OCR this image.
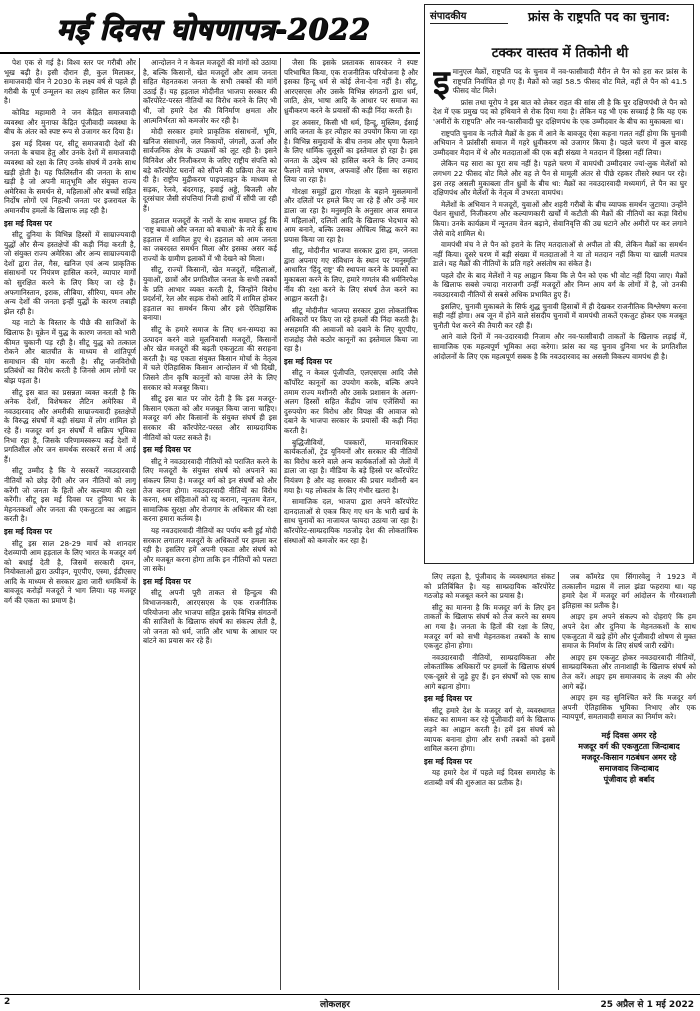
मई दिवस घोषणापत्र-2022

पेश एक से गई है। विश्व स्तर पर गरीबी और भूख बढ़ी है। इसी दौरान ही, कुल मिलाकर, समाजवादी चीन ने 2030 के लक्ष्य वर्ष से पहले ही गरीबी के पूर्ण उन्मूलन का लक्ष्य हासिल कर लिया है।

कोविड महामारी ने जन केंद्रित समाजवादी व्यवस्था और मुनाफा केंद्रित पूंजीवादी व्यवस्था के बीच के अंतर को स्पष्ट रूप से उजागर कर दिया है।

इस मई दिवस पर, सीटू समाजवादी देशों की जनता के बचाव हेतु और उनके देशों में समाजवादी व्यवस्था को रक्षा के लिए उनके संघर्ष में उनके साथ खड़ी होती है। यह फिलिस्तीन की जनता के साथ खड़ी है जो अपनी मातृभूमि और संयुक्त राज्य अमेरिका के समर्थन से, महिलाओं और बच्चों सहित निर्दोष लोगों एवं निहत्थी जनता पर इजरायल के अमानवीय हमलों के खिलाफ लड़ रही है।

इस मई दिवस पर

सीटू दुनिया के विभिन्न हिस्सों में साम्राज्यवादी युद्धों और सैन्य हस्तक्षेपों की कड़ी निंदा करती है, जो संयुक्त राज्य अमेरिका और अन्य साम्राज्यवादी देशों द्वारा तेल, गैस, खनिज एवं अन्य प्राकृतिक संसाधनों पर नियंत्रण हासिल करने, व्यापार मार्गों को सुरक्षित करने के लिए किए जा रहे हैं। अफगानिस्तान, इराक, लीबिया, सीरिया, यमन और अन्य देशों की जनता इन्हीं युद्धों के कारण तबाही झेल रही है।

यह नाटो के विस्तार के पीछे की साजिशों के खिलाफ है। यूक्रेन में युद्ध के कारण जनता को भारी कीमत चुकानी पड़ रही है। सीटू युद्ध को तत्काल रोकने और बातचीत के माध्यम से शांतिपूर्ण समाधान की मांग करती है। सीटू जनविरोधी प्रतिबंधों का विरोध करती है जिनसे आम लोगों पर बोझ पड़ता है।

सीटू इस बात का प्रसन्नता व्यक्त करती है कि अनेक देशों, विशेषकर लैटिन अमेरिका में नवउदारवाद और अमरीकी साम्राज्यवादी हस्तक्षेपों के विरुद्ध संघर्षों में बड़ी संख्या में लोग शामिल हो रहे हैं। मजदूर वर्ग इन संघर्षों में सक्रिय भूमिका निभा रहा है, जिसके परिणामस्वरूप कई देशों में प्रगतिशील और जन समर्थक सरकारें सत्ता में आई हैं।

सीटू उम्मीद है कि ये सरकारें नवउदारवादी नीतियों को छोड़ देंगी और जन नीतियों को लागू करेंगी जो जनता के हितों और कल्याण की रक्षा करेंगी। सीटू इस मई दिवस पर दुनिया भर के मेहनतकशों और जनता की एकजुटता का आह्वान करती है।

इस मई दिवस पर

सीटू इस साल 28-29 मार्च को शानदार देशव्यापी आम हड़ताल के लिए भारत के मजदूर वर्ग को बधाई देती है, जिसमें सरकारी दमन, नियोक्ताओं द्वारा उत्पीड़न, यूएपीए, एस्मा, ईडीएसए आदि के माध्यम से सरकार द्वारा जारी धमकियों के बावजूद करोड़ों मजदूरों ने भाग लिया। यह मजदूर वर्ग की एकता का प्रमाण है।

आन्दोलन ने न केवल मजदूरों की मांगों को उठाया है, बल्कि किसानों, खेत मजदूरों और आम जनता सहित मेहनतकश जनता के सभी तबकों की मांगें उठाई हैं। यह हड़ताल मोदीनीत भाजपा सरकार की कॉरपोरेट-परस्त नीतियों का विरोध करने के लिए भी थी, जो हमारे देश की विनिर्माण क्षमता और आत्मनिर्भरता को कमजोर कर रही है।

मोदी सरकार हमारे प्राकृतिक संसाधनों, भूमि, खनिज संसाधनों, जल निकायों, जंगलों, ऊर्जा और सार्वजनिक क्षेत्र के उपक्रमों को लूट रही है। इसने विनिवेश और निजीकरण के जरिए राष्ट्रीय संपत्ति को बड़े कॉरपोरेट घरानों को सौंपने की प्रक्रिया तेज कर दी है। राष्ट्रीय मुद्रीकरण पाइपलाइन के माध्यम से सड़क, रेलवे, बंदरगाह, हवाई अड्डे, बिजली और दूरसंचार जैसी संपत्तियां निजी हाथों में सौंपी जा रही हैं।

हड़ताल मजदूरों के नारों के साथ समाप्त हुई कि 'राष्ट्र बचाओ और जनता को बचाओ' के नारे के साथ हड़ताल में शामिल हुए थे। हड़ताल को आम जनता का जबरदस्त समर्थन मिला और इसका असर कई राज्यों के ग्रामीण इलाकों में भी देखने को मिला।

सीटू, राज्यों किसानों, खेत मजदूरों, महिलाओं, युवाओं, छात्रों और प्रगतिशील जनता के सभी तबकों के प्रति आभार व्यक्त करती है, जिन्होंने विरोध प्रदर्शनों, रेल और सड़क रोको आदि में शामिल होकर हड़ताल का समर्थन किया और इसे ऐतिहासिक बनाया।

सीटू के हमारे समाज के लिए धन-सम्पदा का उत्पादन करने वाले मूलनिवासी मजदूरों, किसानों और खेत मजदूरों की बढ़ती एकजुटता की सराहना करती है। यह एकता संयुक्त किसान मोर्चा के नेतृत्व में चले ऐतिहासिक किसान आन्दोलन में भी दिखी, जिसने तीन कृषि कानूनों को वापस लेने के लिए सरकार को मजबूर किया।

सीटू इस बात पर जोर देती है कि इस मजदूर-किसान एकता को और मजबूत किया जाना चाहिए। मजदूर वर्ग और किसानों के संयुक्त संघर्ष ही इस सरकार की कॉरपोरेट-परस्त और साम्प्रदायिक नीतियों को पलट सकते हैं।

इस मई दिवस पर

सीटू ने नवउदारवादी नीतियों को पराजित करने के लिए मजदूरों के संयुक्त संघर्ष को अपनाने का संकल्प लिया है। मजदूर वर्ग को इन संघर्षों को और तेज करना होगा। नवउदारवादी नीतियों का विरोध करना, श्रम संहिताओं को रद्द कराना, न्यूनतम वेतन, सामाजिक सुरक्षा और रोजगार के अधिकार की रक्षा करना हमारा कर्तव्य है।

यह नवउदारवादी नीतियों का पर्याय बनी हुई मोदी सरकार लगातार मजदूरों के अधिकारों पर हमला कर रही है। इसलिए हमें अपनी एकता और संघर्ष को और मजबूत करना होगा ताकि इन नीतियों को पलटा जा सके।

इस मई दिवस पर

सीटू अपनी पूरी ताकत से हिन्दुत्व की विभाजनकारी, आरएसएस के एक राजनीतिक परियोजना और भाजपा सहित इसके विभिन्न संगठनों की साजिशों के खिलाफ संघर्ष का संकल्प लेती है, जो जनता को धर्म, जाति और भाषा के आधार पर बांटने का प्रयास कर रहे हैं।

जैसा कि इसके प्रस्तावक सावरकर ने स्पष्ट परिभाषित किया, एक राजनीतिक परियोजना है और इसका हिन्दू धर्म से कोई लेना-देना नहीं है। सीटू, आरएसएस और उसके विभिन्न संगठनों द्वारा धर्म, जाति, क्षेत्र, भाषा आदि के आधार पर समाज का ध्रुवीकरण करने के प्रयासों की कड़ी निंदा करती है।

हर अवसर, किसी भी धर्म, हिन्दू, मुस्लिम, ईसाई आदि जनता के हर त्यौहार का उपयोग किया जा रहा है। विभिन्न समुदायों के बीच तनाव और घृणा फैलाने के लिए धार्मिक जुलूसों का इस्तेमाल हो रहा है। इस जनता के उद्देश्य को हासिल करने के लिए उन्माद फैलाने वाले भाषण, अफवाहें और हिंसा का सहारा लिया जा रहा है।

गोरक्षा समूहों द्वारा गोरक्षा के बहाने मुसलमानों और दलितों पर हमले किए जा रहे हैं और उन्हें मार डाला जा रहा है। मनुस्मृति के अनुसार आज समाज में महिलाओं, दलितों आदि के खिलाफ भेदभाव को आम बनाने, बल्कि उसका औचित्य सिद्ध करने का प्रयास किया जा रहा है।

सीटू, मोदीनीत भाजपा सरकार द्वारा हम, जनता द्वारा अपनाए गए संविधान के स्थान पर 'मनुस्मृति' आधारित 'हिंदू राष्ट्र' की स्थापना करने के प्रयासों का मुकाबला करने के लिए, हमारे गणतंत्र की धर्मनिरपेक्ष नींव की रक्षा करने के लिए संघर्ष तेज करने का आह्वान करती है।

सीटू मोदीनीत भाजपा सरकार द्वारा लोकतांत्रिक अधिकारों पर किए जा रहे हमलों की निंदा करती है। असहमति की आवाजों को दबाने के लिए यूएपीए, राजद्रोह जैसे कठोर कानूनों का इस्तेमाल किया जा रहा है।

इस मई दिवस पर

सीटू न केवल पूंजीपति, एलएसएस आदि जैसे कॉर्पोरेट कानूनों का उपयोग करके, बल्कि अपने तमाम राज्य मशीनरी और उसके प्रशासन के अलग-अलग हिस्सों सहित केंद्रीय जांच एजेंसियों का दुरुपयोग कर विरोध और विपक्ष की आवाज को दबाने के भाजपा सरकार के प्रयासों की कड़ी निंदा करती है।

बुद्धिजीवियों, पत्रकारों, मानवाधिकार कार्यकर्ताओं, ट्रेड यूनियनों और सरकार की नीतियों का विरोध करने वाले अन्य कार्यकर्ताओं को जेलों में डाला जा रहा है। मीडिया के बड़े हिस्से पर कॉरपोरेट नियंत्रण है और वह सरकार की प्रचार मशीनरी बन गया है। यह लोकतंत्र के लिए गंभीर खतरा है।

सामाजिक दल, भाजपा द्वारा अपने कॉरपोरेट दानदाताओं से एकत्र किए गए धन के भारी खर्च के साथ चुनावों का नाजायज फायदा उठाया जा रहा है। कॉरपोरेट-साम्प्रदायिक गठजोड़ देश की लोकतांत्रिक संस्थाओं को कमजोर कर रहा है।

संपादकीय	फ्रांस के राष्ट्रपति पद का चुनाव:
टक्कर वास्तव में तिकोनी थी

इमानुएल मैक्रों, राष्ट्रपति पद के चुनाव में नव-फासीवादी मैरीन ले पैन को हरा कर फ्रांस के राष्ट्रपति निर्वाचित हो गए हैं। मैक्रों को जहां 58.5 फीसद वोट मिले, वहीं ले पैन को 41.5 फीसद वोट मिले।

फ्रांस तथा यूरोप ने इस बात को लेकर राहत की सांस ली है कि घुर दक्षिणपंथी ले पैन को देश में एक प्रमुख पद को हथियाने से रोक दिया गया है। लेकिन यह भी एक सच्चाई है कि यह एक 'अमीरों के राष्ट्रपति' और नव-फासीवादी घुर दक्षिणपंथ के एक उम्मीदवार के बीच का मुकाबला था।

राष्ट्रपति चुनाव के नतीजे मैक्रों के हक में आने के बावजूद ऐसा कहना गलत नहीं होगा कि चुनावी अभियान ने फ्रांसीसी समाज में गहरे ध्रुवीकरण को उजागर किया है। पहले चरण में कुल बारह उम्मीदवार मैदान में थे और मतदाताओं की एक बड़ी संख्या ने मतदान में हिस्सा नहीं लिया।

लेकिन यह सारा का पूरा सच नहीं है। पहले चरण में वामपंथी उम्मीदवार ज्यां-लुक मेलेंशों को लगभग 22 फीसद वोट मिले और वह ले पैन से मामूली अंतर से पीछे रहकर तीसरे स्थान पर रहे। इस तरह असली मुकाबला तीन ध्रुवों के बीच था: मैक्रों का नवउदारवादी मध्यमार्ग, ले पैन का घुर दक्षिणपंथ और मेलेंशों के नेतृत्व में उभरता वामपंथ।

मेलेंशों के अभियान ने मजदूरों, युवाओं और शहरी गरीबों के बीच व्यापक समर्थन जुटाया। उन्होंने पेंशन सुधारों, निजीकरण और कल्याणकारी खर्चों में कटौती की मैक्रों की नीतियों का कड़ा विरोध किया। उनके कार्यक्रम में न्यूनतम वेतन बढ़ाने, सेवानिवृत्ति की उम्र घटाने और अमीरों पर कर लगाने जैसे वादे शामिल थे।

वामपंथी मंच ने ले पैन को हराने के लिए मतदाताओं से अपील तो की, लेकिन मैक्रों का समर्थन नहीं किया। दूसरे चरण में बड़ी संख्या में मतदाताओं ने या तो मतदान नहीं किया या खाली मतपत्र डाले। यह मैक्रों की नीतियों के प्रति गहरे असंतोष का संकेत है।

पहले दौर के बाद मेलेंशों ने यह आह्वान किया कि ले पैन को एक भी वोट नहीं दिया जाए। मैक्रों के खिलाफ सबसे ज्यादा नाराजगी उन्हीं मजदूरों और निम्न आय वर्ग के लोगों में है, जो उनकी नवउदारवादी नीतियों से सबसे अधिक प्रभावित हुए हैं।

इसलिए, चुनावी मुकाबले के सिर्फ शुद्ध चुनावी हिसाबों में ही देखकर राजनीतिक विश्लेषण करना सही नहीं होगा। अब जून में होने वाले संसदीय चुनावों में वामपंथी ताकतें एकजुट होकर एक मजबूत चुनौती पेश करने की तैयारी कर रही हैं।

आने वाले दिनों में नव-उदारवादी निजाम और नव-फासीवादी ताकतों के खिलाफ लड़ाई में, सामाजिक एक महत्वपूर्ण भूमिका अदा करेगा। फ्रांस का यह चुनाव दुनिया भर के प्रगतिशील आंदोलनों के लिए एक महत्वपूर्ण सबक है कि नवउदारवाद का असली विकल्प वामपंथ ही है।

लिए लड़ता है, पूंजीवाद के व्यवस्थागत संकट को प्रतिबिंबित है। यह साम्प्रदायिक कॉरपोरेट गठजोड़ को मजबूत करने का प्रयास है।

सीटू का मानना है कि मजदूर वर्ग के लिए इन ताकतों के खिलाफ संघर्ष को तेज करने का समय आ गया है। जनता के हितों की रक्षा के लिए, मजदूर वर्ग को सभी मेहनतकश तबकों के साथ एकजुट होना होगा।

नवउदारवादी नीतियों, साम्प्रदायिकता और लोकतांत्रिक अधिकारों पर हमलों के खिलाफ संघर्ष एक-दूसरे से जुड़े हुए हैं। इन संघर्षों को एक साथ आगे बढ़ाना होगा।

इस मई दिवस पर

सीटू हमारे देश के मजदूर वर्ग से, व्यवस्थागत संकट का सामना कर रहे पूंजीवादी वर्ग के खिलाफ लड़ने का आह्वान करती है। हमें इस संघर्ष को व्यापक बनाना होगा और सभी तबकों को इसमें शामिल करना होगा।

इस मई दिवस पर

यह हमारे देश में पहले मई दिवस समारोह के शताब्दी वर्ष की शुरुआत का प्रतीक है।

जब कॉमरेड एम सिंगारवेलु ने 1923 में तत्कालीन मद्रास में लाल झंडा फहराया था। यह हमारे देश में मजदूर वर्ग आंदोलन के गौरवशाली इतिहास का प्रतीक है।

आइए हम अपने संकल्प को दोहराएं कि हम अपने देश और दुनिया के मेहनतकशों के साथ एकजुटता में खड़े होंगे और पूंजीवादी शोषण से मुक्त समाज के निर्माण के लिए संघर्ष जारी रखेंगे।

आइए हम एकजुट होकर नवउदारवादी नीतियों, साम्प्रदायिकता और तानाशाही के खिलाफ संघर्ष को तेज करें। आइए हम समाजवाद के लक्ष्य की ओर आगे बढ़ें।

आइए हम यह सुनिश्चित करें कि मजदूर वर्ग अपनी ऐतिहासिक भूमिका निभाए और एक न्यायपूर्ण, समतावादी समाज का निर्माण करे।

मई दिवस अमर रहे
मजदूर वर्ग की एकजुटता जिन्दाबाद
मजदूर-किसान गठबंधन अमर रहे
समाजवाद जिन्दाबाद
पूंजीवाद हो बर्बाद
2	लोकलहर	25 अप्रैल से 1 मई 2022
